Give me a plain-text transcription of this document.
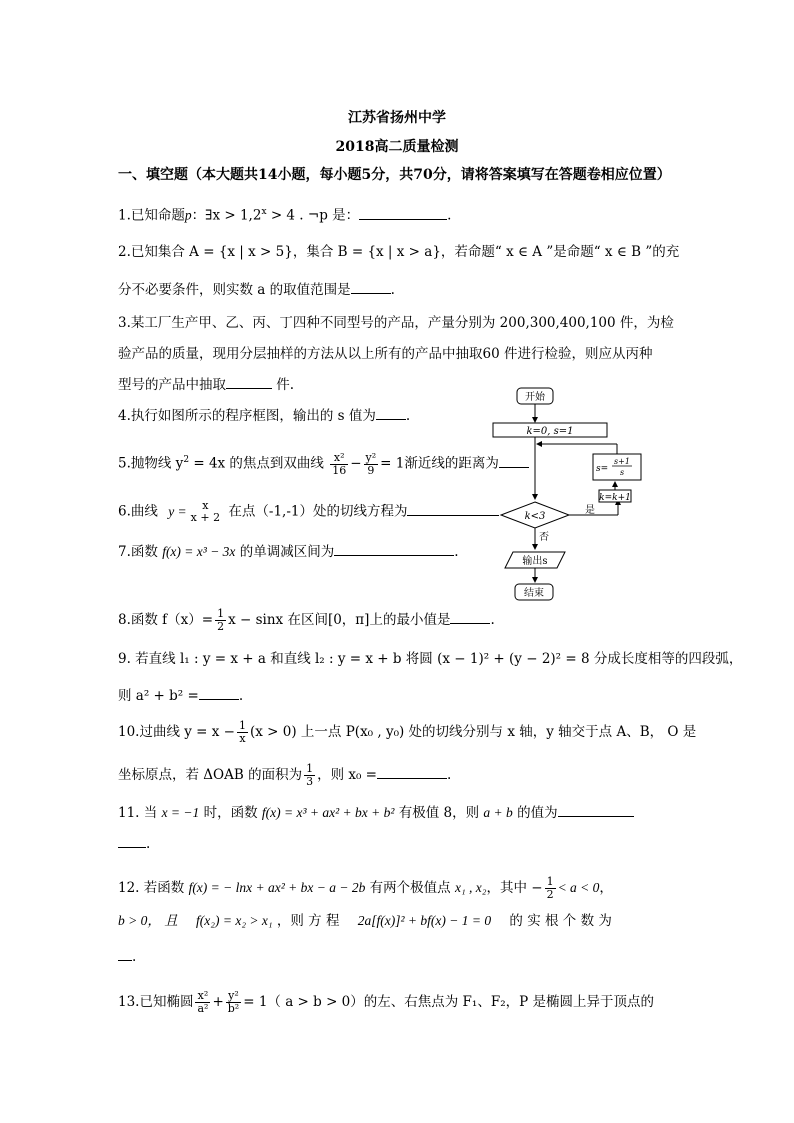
江苏省扬州中学
2018高二质量检测
一、填空题（本大题共14小题，每小题5分，共70分，请将答案填写在答题卷相应位置）
1.已知命题p：∃x > $1,2^x > 4$ . ¬p 是：	.
2.已知集合 A = {x | x > 5}，集合 B = {x | x > a}，若命题“ x ∈ A ”是命题“ x ∈ B ”的充
分不必要条件，则实数 a 的取值范围是	.
3.某工厂生产甲、乙、丙、丁四种不同型号的产品，产量分别为 200,300,400,100 件，为检
验产品的质量，现用分层抽样的方法从以上所有的产品中抽取60 件进行检验，则应从丙种
型号的产品中抽取	件.
4.执行如图所示的程序框图，输出的 s 值为 .
5.抛物线 $y^2 = 4x$ 的焦点到双曲线 $\frac{\text{x²}}{16} - \frac{\text{y²}}{9} = 1$渐近线的距离为
6.曲线 y =	x
x + 2 在点（-1,-1）处的切线方程为
7.函数 f(x) = x³ − 3x 的单调减区间为	.
8.函数 $f(x)= \frac{1}{2}$ x − sinx 在区间[0，π]上的最小值是	.
9. 若直线 l₁ : y = x + a 和直线 l₂ : y = x + b 将圆 (x − 1)² + (y − 2)² = 8 分成长度相等的四段弧，
则 a² + b² =	.
10.过曲线 $y = x - \frac{1}{x} (x > 0)$ 上一点 P(x₀ , y₀) 处的切线分别与 x 轴，y 轴交于点 A、B， O 是
坐标原点，若 ΔOAB 的面积为 $\frac{1}{3}$ ，则 x₀ =	.
11. 当 x = −1 时，函数 f(x) = x³ + ax² + bx + b² 有极值 8，则 a + b 的值为
.
12. 若函数 f(x) = − lnx + ax² + bx − a − 2b 有两个极值点 x₁ , x₂，其中 − $\frac{1}{2} < a < 0$，
b > 0， 且 f(x₂) = x₂ > x₁ ，则 方 程 2a[f(x)]² + bf(x) − 1 = 0 的 实 根 个 数 为
.
13.已知椭圆 $\frac{\text{x²}}{\text{a²}} + \frac{\text{y²}}{\text{b²}} = 1$（ a > b > 0）的左、右焦点为 F₁、F₂，P 是椭圆上异于顶点的
开始
k=0, s=1
k<3
是
k=k+1
s=
s+1
s
否
输出s
结束
